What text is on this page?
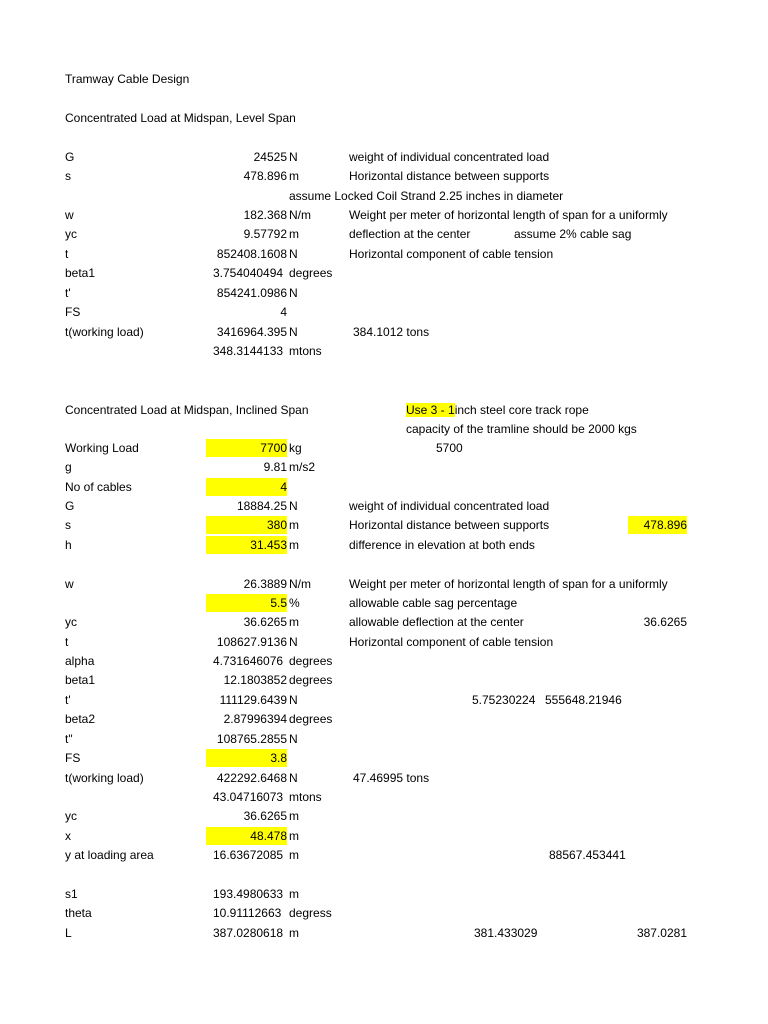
Tramway Cable Design
Concentrated Load at Midspan, Level Span
G	24525 N	weight of individual concentrated load
s	478.896 m	Horizontal distance between supports
assume Locked Coil Strand 2.25 inches in diameter
w	182.368 N/m	Weight per meter of horizontal length of span for a uniformly
yc	9.57792 m	deflection at the center	assume 2% cable sag
t	852408.1608 N	Horizontal component of cable tension
beta1	3.754040494 degrees
t'	854241.0986 N
FS	4
t(working load)	3416964.395 N	384.1012 tons
348.3144133 mtons
Concentrated Load at Midspan, Inclined Span	Use 3 - 1inch steel core track rope
capacity of the tramline should be 2000 kgs
Working Load	7700 kg	5700
g	9.81 m/s2
No of cables	4
G	18884.25 N	weight of individual concentrated load
s	380 m	Horizontal distance between supports	478.896
h	31.453 m	difference in elevation at both ends
w	26.3889 N/m	Weight per meter of horizontal length of span for a uniformly
5.5 %	allowable cable sag percentage
yc	36.6265 m	allowable deflection at the center	36.6265
t	108627.9136 N	Horizontal component of cable tension
alpha	4.731646076 degrees
beta1	12.1803852 degrees
t'	111129.6439 N	5.75230224 555648.21946
beta2	2.87996394 degrees
t"	108765.2855 N
FS	3.8
t(working load)	422292.6468 N	47.46995 tons
43.04716073 mtons
yc	36.6265 m
x	48.478 m
y at loading area	16.63672085 m	88567.453441
s1	193.4980633 m
theta	10.91112663 degress
L	387.0280618 m	381.433029	387.0281
